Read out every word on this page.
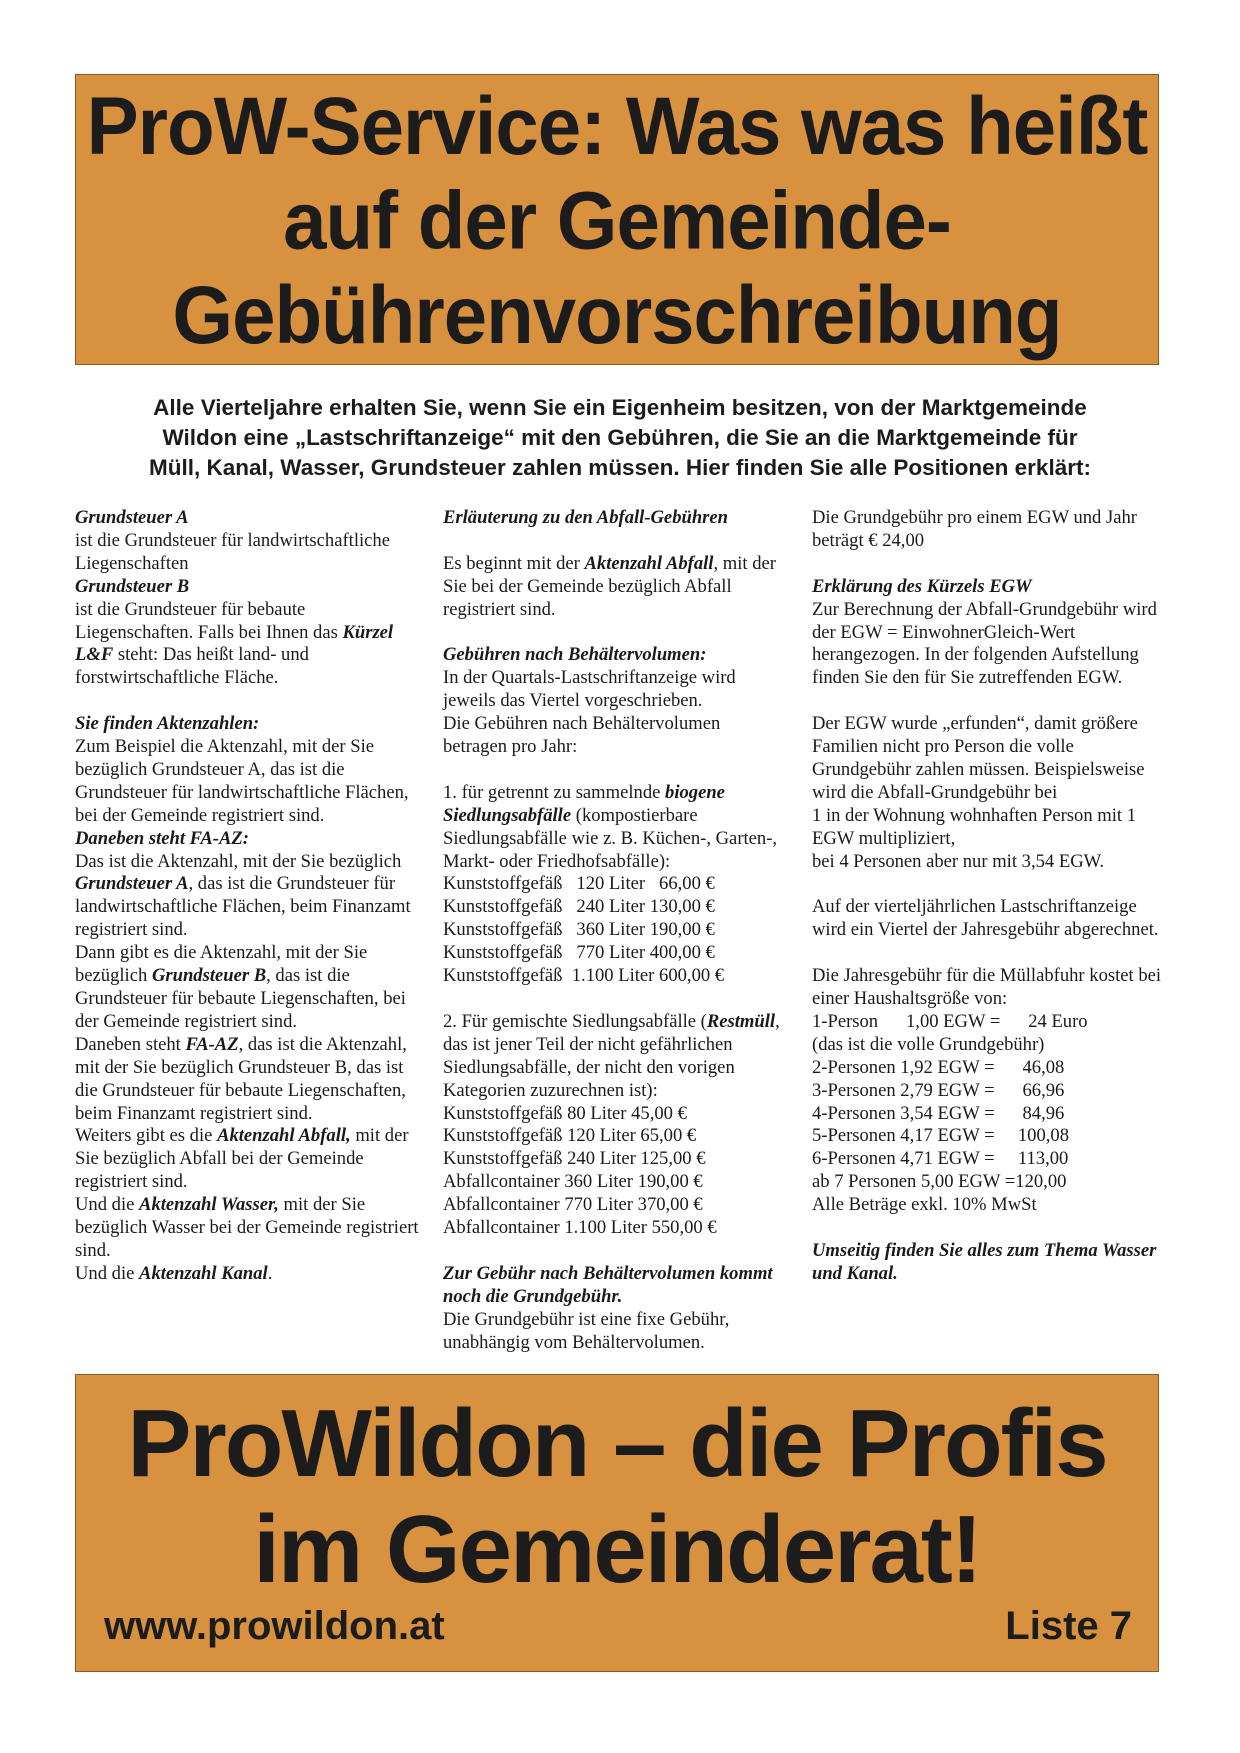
ProW-Service: Was was heißt
auf der Gemeinde-
Gebührenvorschreibung

Alle Vierteljahre erhalten Sie, wenn Sie ein Eigenheim besitzen, von der Marktgemeinde
Wildon eine „Lastschriftanzeige“ mit den Gebühren, die Sie an die Marktgemeinde für
Müll, Kanal, Wasser, Grundsteuer zahlen müssen. Hier finden Sie alle Positionen erklärt:

Grundsteuer A

ist die Grundsteuer für landwirtschaftliche Liegenschaften

Grundsteuer B

ist die Grundsteuer für bebaute Liegenschaften. Falls bei Ihnen das Kürzel L&F steht: Das heißt land- und forstwirtschaftliche Fläche.

Sie finden Aktenzahlen:

Zum Beispiel die Aktenzahl, mit der Sie bezüglich Grundsteuer A, das ist die Grundsteuer für landwirtschaftliche Flächen, bei der Gemeinde registriert sind.

Daneben steht FA-AZ:

Das ist die Aktenzahl, mit der Sie bezüglich Grundsteuer A, das ist die Grundsteuer für landwirtschaftliche Flächen, beim Finanzamt registriert sind.

Dann gibt es die Aktenzahl, mit der Sie bezüglich Grundsteuer B, das ist die Grundsteuer für bebaute Liegenschaften, bei der Gemeinde registriert sind.

Daneben steht FA-AZ, das ist die Aktenzahl, mit der Sie bezüglich Grundsteuer B, das ist die Grundsteuer für bebaute Liegenschaften, beim Finanzamt registriert sind.

Weiters gibt es die Aktenzahl Abfall, mit der Sie bezüglich Abfall bei der Gemeinde registriert sind.

Und die Aktenzahl Wasser, mit der Sie bezüglich Wasser bei der Gemeinde registriert sind.

Und die Aktenzahl Kanal.

Erläuterung zu den Abfall-Gebühren

Es beginnt mit der Aktenzahl Abfall, mit der Sie bei der Gemeinde bezüglich Abfall registriert sind.

Gebühren nach Behältervolumen:

In der Quartals-Lastschriftanzeige wird jeweils das Viertel vorgeschrieben.

Die Gebühren nach Behältervolumen betragen pro Jahr:

1. für getrennt zu sammelnde biogene Siedlungsabfälle (kompostierbare Siedlungsabfälle wie z. B. Küchen-, Garten-, Markt- oder Friedhofsabfälle):

Kunststoffgefäß   120 Liter   66,00 €

Kunststoffgefäß   240 Liter 130,00 €

Kunststoffgefäß   360 Liter 190,00 €

Kunststoffgefäß   770 Liter 400,00 €

Kunststoffgefäß  1.100 Liter 600,00 €

2. Für gemischte Siedlungsabfälle (Restmüll, das ist jener Teil der nicht gefährlichen Siedlungsabfälle, der nicht den vorigen Kategorien zuzurechnen ist):

Kunststoffgefäß 80 Liter 45,00 €

Kunststoffgefäß 120 Liter 65,00 €

Kunststoffgefäß 240 Liter 125,00 €

Abfallcontainer 360 Liter 190,00 €

Abfallcontainer 770 Liter 370,00 €

Abfallcontainer 1.100 Liter 550,00 €

Zur Gebühr nach Behältervolumen kommt noch die Grundgebühr.

Die Grundgebühr ist eine fixe Gebühr, unabhängig vom Behältervolumen.

Die Grundgebühr pro einem EGW und Jahr beträgt € 24,00

Erklärung des Kürzels EGW

Zur Berechnung der Abfall-Grundgebühr wird der EGW = EinwohnerGleich-Wert herangezogen. In der folgenden Aufstellung finden Sie den für Sie zutreffenden EGW.

Der EGW wurde „erfunden“, damit größere Familien nicht pro Person die volle Grundgebühr zahlen müssen. Beispielsweise wird die Abfall-Grundgebühr bei

1 in der Wohnung wohnhaften Person mit 1 EGW multipliziert,

bei 4 Personen aber nur mit 3,54 EGW.

Auf der vierteljährlichen Lastschriftanzeige wird ein Viertel der Jahresgebühr abgerechnet.

Die Jahresgebühr für die Müllabfuhr kostet bei einer Haushaltsgröße von:

1-Person      1,00 EGW =      24 Euro

(das ist die volle Grundgebühr)

2-Personen 1,92 EGW =      46,08

3-Personen 2,79 EGW =      66,96

4-Personen 3,54 EGW =      84,96

5-Personen 4,17 EGW =     100,08

6-Personen 4,71 EGW =     113,00

ab 7 Personen 5,00 EGW =120,00

Alle Beträge exkl. 10% MwSt

Umseitig finden Sie alles zum Thema Wasser und Kanal.

ProWildon – die Profis
im Gemeinderat!
www.prowildon.at	Liste 7
